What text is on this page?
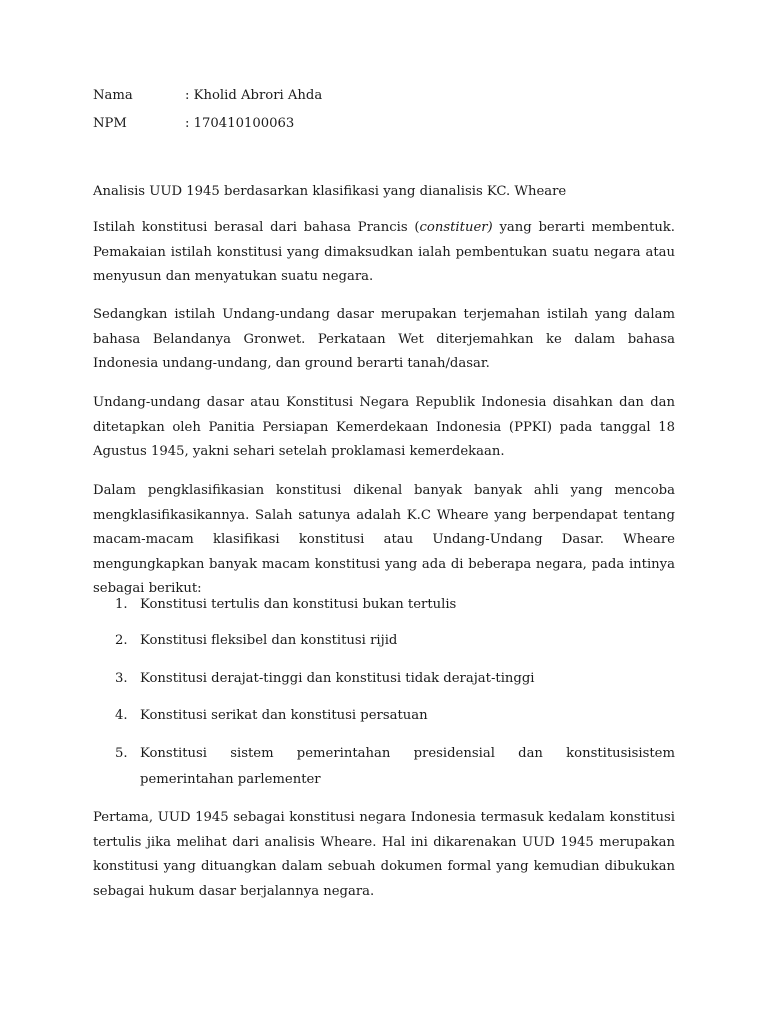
Nama	: Kholid Abrori Ahda
NPM	: 170410100063
Analisis UUD 1945 berdasarkan klasifikasi yang dianalisis KC. Wheare
Istilah konstitusi berasal dari bahasa Prancis (constituer) yang berarti membentuk. Pemakaian istilah konstitusi yang dimaksudkan ialah pembentukan suatu negara atau menyusun dan menyatukan suatu negara.
Sedangkan istilah Undang-undang dasar merupakan terjemahan istilah yang dalam bahasa Belandanya Gronwet. Perkataan Wet diterjemahkan ke dalam bahasa Indonesia undang-undang, dan ground berarti tanah/dasar.
Undang-undang dasar atau Konstitusi Negara Republik Indonesia disahkan dan dan ditetapkan oleh Panitia Persiapan Kemerdekaan Indonesia (PPKI) pada tanggal 18 Agustus 1945, yakni sehari setelah proklamasi kemerdekaan.
Dalam pengklasifikasian konstitusi dikenal banyak banyak ahli yang mencoba mengklasifikasikannya. Salah satunya adalah K.C Wheare yang berpendapat tentang macam-macam klasifikasi konstitusi atau Undang-Undang Dasar. Wheare mengungkapkan banyak macam konstitusi yang ada di beberapa negara, pada intinya sebagai berikut:
1. Konstitusi tertulis dan konstitusi bukan tertulis
2. Konstitusi fleksibel dan konstitusi rijid
3. Konstitusi derajat-tinggi dan konstitusi tidak derajat-tinggi
4. Konstitusi serikat dan konstitusi persatuan
5. Konstitusi sistem pemerintahan presidensial dan konstitusisistem pemerintahan parlementer
Pertama, UUD 1945 sebagai konstitusi negara Indonesia termasuk kedalam konstitusi tertulis jika melihat dari analisis Wheare. Hal ini dikarenakan UUD 1945 merupakan konstitusi yang dituangkan dalam sebuah dokumen formal yang kemudian dibukukan sebagai hukum dasar berjalannya negara.
